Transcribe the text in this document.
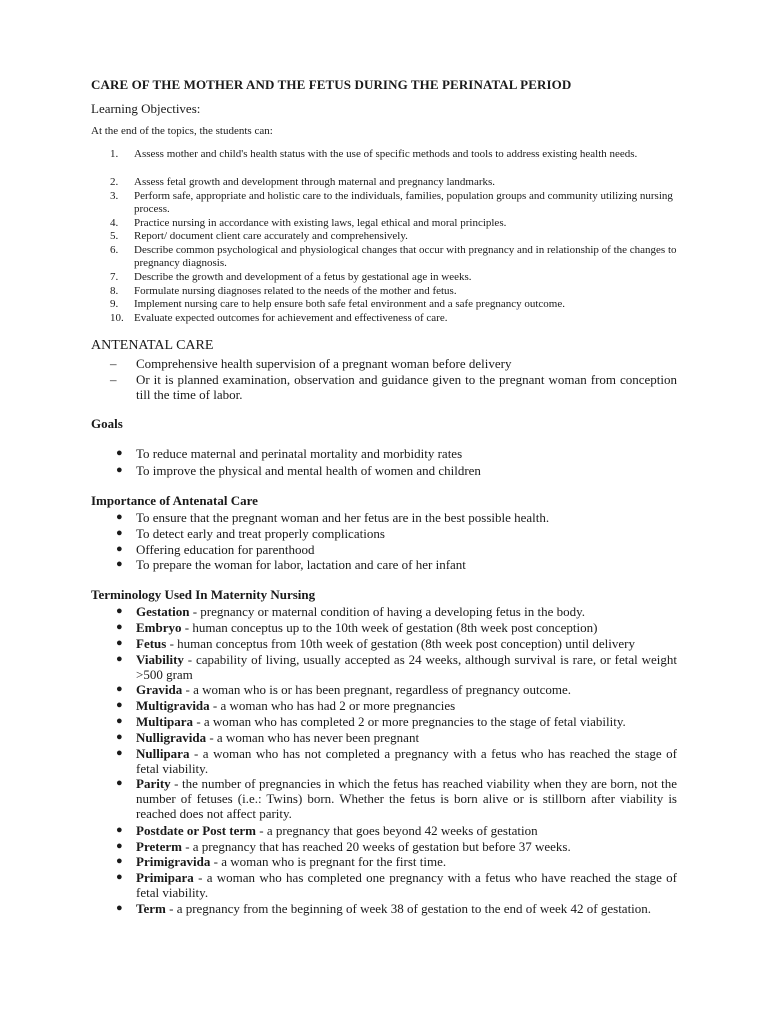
CARE OF THE MOTHER AND THE FETUS DURING THE PERINATAL PERIOD
Learning Objectives:
At the end of the topics, the students can:
1.	Assess mother and child's health status with the use of specific methods and tools to address existing health needs.
2.	Assess fetal growth and development through maternal and pregnancy landmarks.
3.	Perform safe, appropriate and holistic care to the individuals, families, population groups and community utilizing nursing process.
4.	Practice nursing in accordance with existing laws, legal ethical and moral principles.
5.	Report/ document client care accurately and comprehensively.
6.	Describe common psychological and physiological changes that occur with pregnancy and in relationship of the changes to pregnancy diagnosis.
7.	Describe the growth and development of a fetus by gestational age in weeks.
8.	Formulate nursing diagnoses related to the needs of the mother and fetus.
9.	Implement nursing care to help ensure both safe fetal environment and a safe pregnancy outcome.
10. Evaluate expected outcomes for achievement and effectiveness of care.
ANTENATAL CARE
– Comprehensive health supervision of a pregnant woman before delivery
– Or it is planned examination, observation and guidance given to the pregnant woman from conception till the time of labor.
Goals
● To reduce maternal and perinatal mortality and morbidity rates
● To improve the physical and mental health of women and children
Importance of Antenatal Care
● To ensure that the pregnant woman and her fetus are in the best possible health.
● To detect early and treat properly complications
● Offering education for parenthood
● To prepare the woman for labor, lactation and care of her infant
Terminology Used In Maternity Nursing
● Gestation - pregnancy or maternal condition of having a developing fetus in the body.
● Embryo - human conceptus up to the 10th week of gestation (8th week post conception)
● Fetus - human conceptus from 10th week of gestation (8th week post conception) until delivery
● Viability - capability of living, usually accepted as 24 weeks, although survival is rare, or fetal weight >500 gram
● Gravida - a woman who is or has been pregnant, regardless of pregnancy outcome.
● Multigravida - a woman who has had 2 or more pregnancies
● Multipara - a woman who has completed 2 or more pregnancies to the stage of fetal viability.
● Nulligravida - a woman who has never been pregnant
● Nullipara - a woman who has not completed a pregnancy with a fetus who has reached the stage of fetal viability.
● Parity - the number of pregnancies in which the fetus has reached viability when they are born, not the number of fetuses (i.e.: Twins) born. Whether the fetus is born alive or is stillborn after viability is reached does not affect parity.
● Postdate or Post term - a pregnancy that goes beyond 42 weeks of gestation
● Preterm - a pregnancy that has reached 20 weeks of gestation but before 37 weeks.
● Primigravida - a woman who is pregnant for the first time.
● Primipara - a woman who has completed one pregnancy with a fetus who have reached the stage of fetal viability.
● Term - a pregnancy from the beginning of week 38 of gestation to the end of week 42 of gestation.
